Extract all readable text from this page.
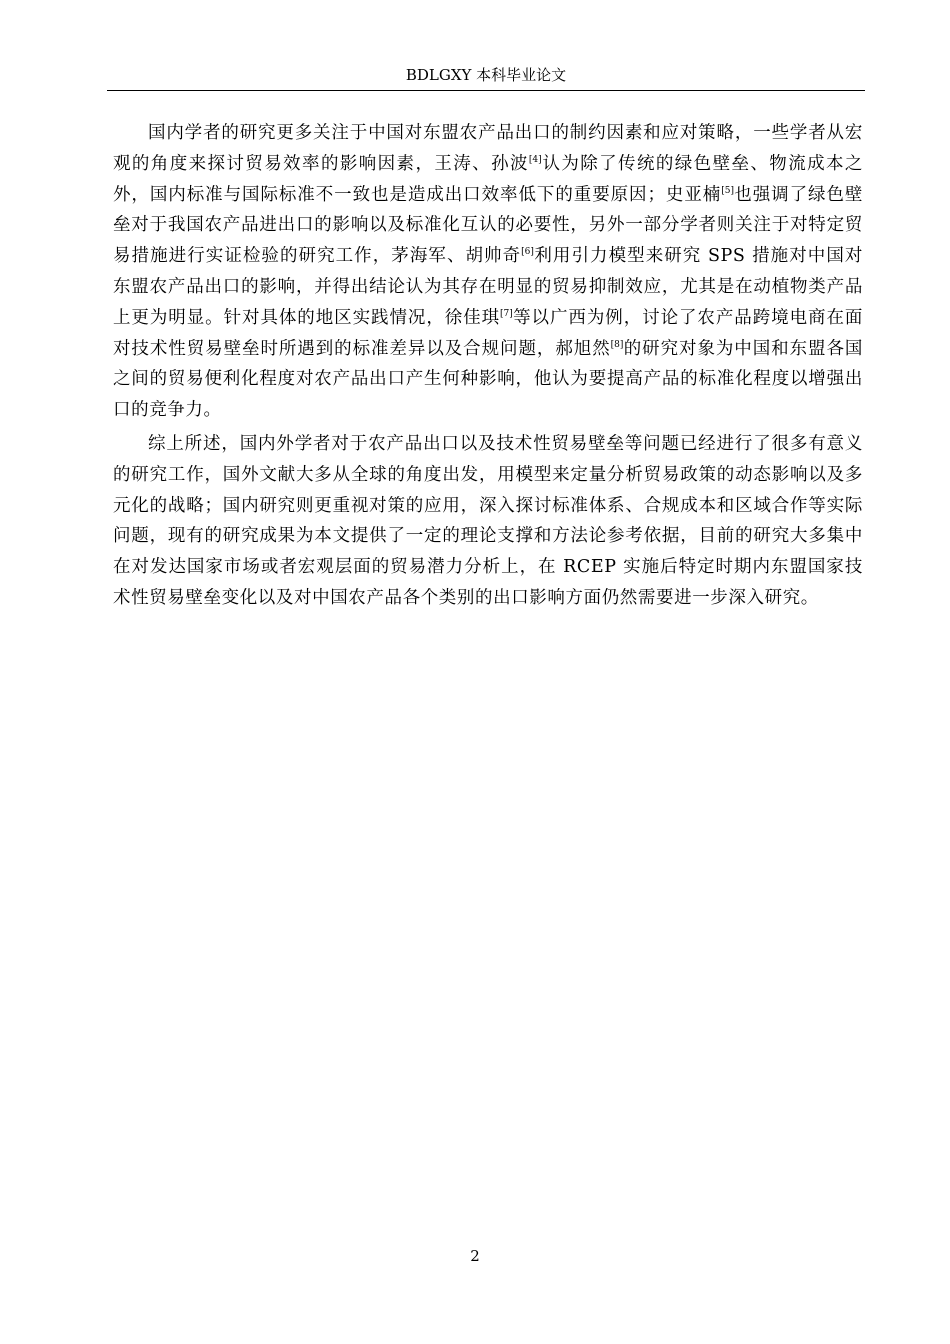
BDLGXY 本科毕业论文

国内学者的研究更多关注于中国对东盟农产品出口的制约因素和应对策略，一些学者从宏观的角度来探讨贸易效率的影响因素，王涛、孙波[4]认为除了传统的绿色壁垒、物流成本之外，国内标准与国际标准不一致也是造成出口效率低下的重要原因；史亚楠[5]也强调了绿色壁垒对于我国农产品进出口的影响以及标准化互认的必要性，另外一部分学者则关注于对特定贸易措施进行实证检验的研究工作，茅海军、胡帅奇[6]利用引力模型来研究 SPS 措施对中国对东盟农产品出口的影响，并得出结论认为其存在明显的贸易抑制效应，尤其是在动植物类产品上更为明显。针对具体的地区实践情况，徐佳琪[7]等以广西为例，讨论了农产品跨境电商在面对技术性贸易壁垒时所遇到的标准差异以及合规问题，郝旭然[8]的研究对象为中国和东盟各国之间的贸易便利化程度对农产品出口产生何种影响，他认为要提高产品的标准化程度以增强出口的竞争力。

综上所述，国内外学者对于农产品出口以及技术性贸易壁垒等问题已经进行了很多有意义的研究工作，国外文献大多从全球的角度出发，用模型来定量分析贸易政策的动态影响以及多元化的战略；国内研究则更重视对策的应用，深入探讨标准体系、合规成本和区域合作等实际问题，现有的研究成果为本文提供了一定的理论支撑和方法论参考依据，目前的研究大多集中在对发达国家市场或者宏观层面的贸易潜力分析上，在 RCEP 实施后特定时期内东盟国家技术性贸易壁垒变化以及对中国农产品各个类别的出口影响方面仍然需要进一步深入研究。

2
